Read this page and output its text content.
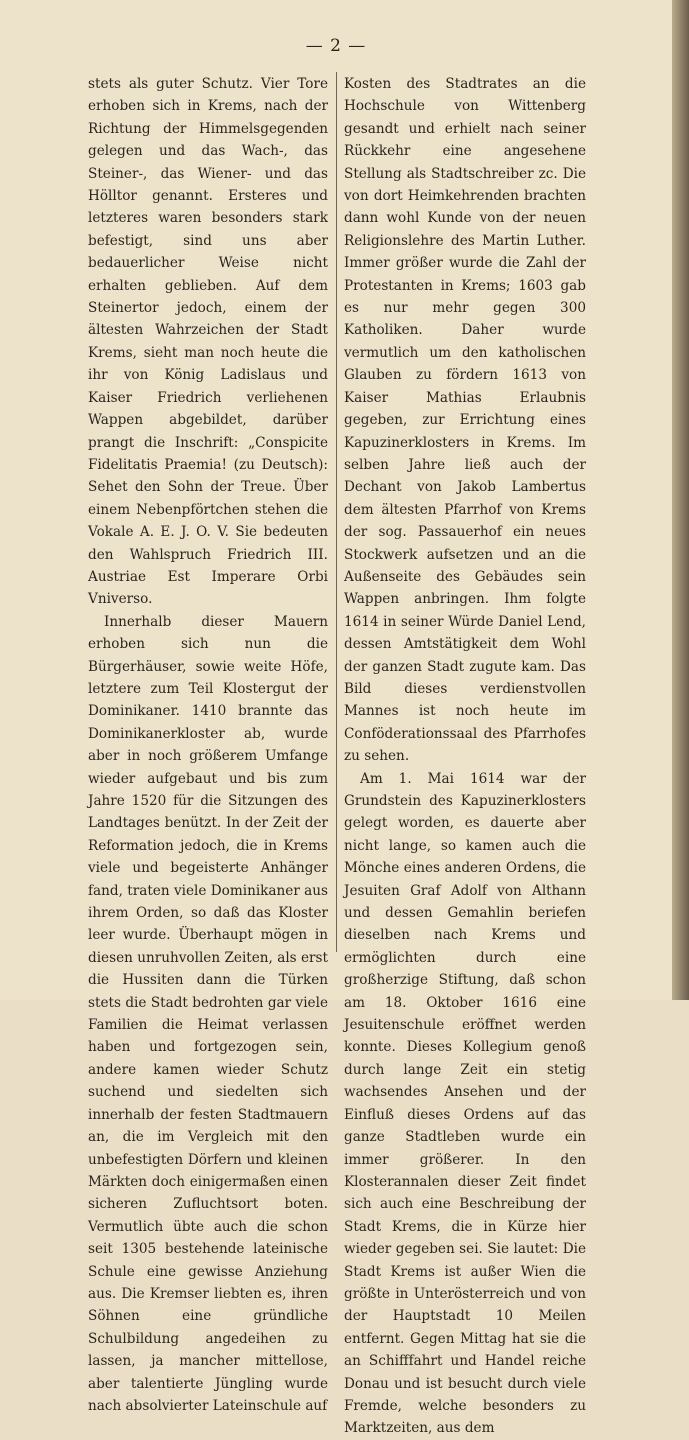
— 2 —

stets als guter Schutz. Vier Tore erhoben sich in Krems, nach der Richtung der Himmelsgegenden gelegen und das Wach-, das Steiner-, das Wiener- und das Hölltor genannt. Ersteres und letzteres waren besonders stark befestigt, sind uns aber bedauerlicher Weise nicht erhalten geblieben. Auf dem Steinertor jedoch, einem der ältesten Wahrzeichen der Stadt Krems, sieht man noch heute die ihr von König Ladislaus und Kaiser Friedrich verliehenen Wappen abgebildet, darüber prangt die Inschrift: „Conspicite Fidelitatis Praemia! (zu Deutsch): Sehet den Sohn der Treue. Über einem Nebenpförtchen stehen die Vokale A. E. J. O. V. Sie bedeuten den Wahlspruch Friedrich III. Austriae Est Imperare Orbi Vniverso.

Innerhalb dieser Mauern erhoben sich nun die Bürgerhäuser, sowie weite Höfe, letztere zum Teil Klostergut der Dominikaner. 1410 brannte das Dominikanerkloster ab, wurde aber in noch größerem Umfange wieder aufgebaut und bis zum Jahre 1520 für die Sitzungen des Landtages benützt. In der Zeit der Reformation jedoch, die in Krems viele und begeisterte Anhänger fand, traten viele Dominikaner aus ihrem Orden, so daß das Kloster leer wurde. Überhaupt mögen in diesen unruhvollen Zeiten, als erst die Hussiten dann die Türken stets die Stadt bedrohten gar viele Familien die Heimat verlassen haben und fortgezogen sein, andere kamen wieder Schutz suchend und siedelten sich innerhalb der festen Stadtmauern an, die im Vergleich mit den unbefestigten Dörfern und kleinen Märkten doch einigermaßen einen sicheren Zufluchtsort boten. Vermutlich übte auch die schon seit 1305 bestehende lateinische Schule eine gewisse Anziehung aus. Die Kremser liebten es, ihren Söhnen eine gründliche Schulbildung angedeihen zu lassen, ja mancher mittellose, aber talentierte Jüngling wurde nach absolvierter Lateinschule auf

Kosten des Stadtrates an die Hochschule von Wittenberg gesandt und erhielt nach seiner Rückkehr eine angesehene Stellung als Stadtschreiber zc. Die von dort Heimkehrenden brachten dann wohl Kunde von der neuen Religionslehre des Martin Luther. Immer größer wurde die Zahl der Protestanten in Krems; 1603 gab es nur mehr gegen 300 Katholiken. Daher wurde vermutlich um den katholischen Glauben zu fördern 1613 von Kaiser Mathias Erlaubnis gegeben, zur Errichtung eines Kapuzinerklosters in Krems. Im selben Jahre ließ auch der Dechant von Jakob Lambertus dem ältesten Pfarrhof von Krems der sog. Passauerhof ein neues Stockwerk aufsetzen und an die Außenseite des Gebäudes sein Wappen anbringen. Ihm folgte 1614 in seiner Würde Daniel Lend, dessen Amtstätigkeit dem Wohl der ganzen Stadt zugute kam. Das Bild dieses verdienstvollen Mannes ist noch heute im Conföderationssaal des Pfarrhofes zu sehen.

Am 1. Mai 1614 war der Grundstein des Kapuzinerklosters gelegt worden, es dauerte aber nicht lange, so kamen auch die Mönche eines anderen Ordens, die Jesuiten Graf Adolf von Althann und dessen Gemahlin beriefen dieselben nach Krems und ermöglichten durch eine großherzige Stiftung, daß schon am 18. Oktober 1616 eine Jesuitenschule eröffnet werden konnte. Dieses Kollegium genoß durch lange Zeit ein stetig wachsendes Ansehen und der Einfluß dieses Ordens auf das ganze Stadtleben wurde ein immer größerer. In den Klosterannalen dieser Zeit findet sich auch eine Beschreibung der Stadt Krems, die in Kürze hier wieder gegeben sei. Sie lautet: Die Stadt Krems ist außer Wien die größte in Unterösterreich und von der Hauptstadt 10 Meilen entfernt. Gegen Mittag hat sie die an Schifffahrt und Handel reiche Donau und ist besucht durch viele Fremde, welche besonders zu Marktzeiten, aus dem
